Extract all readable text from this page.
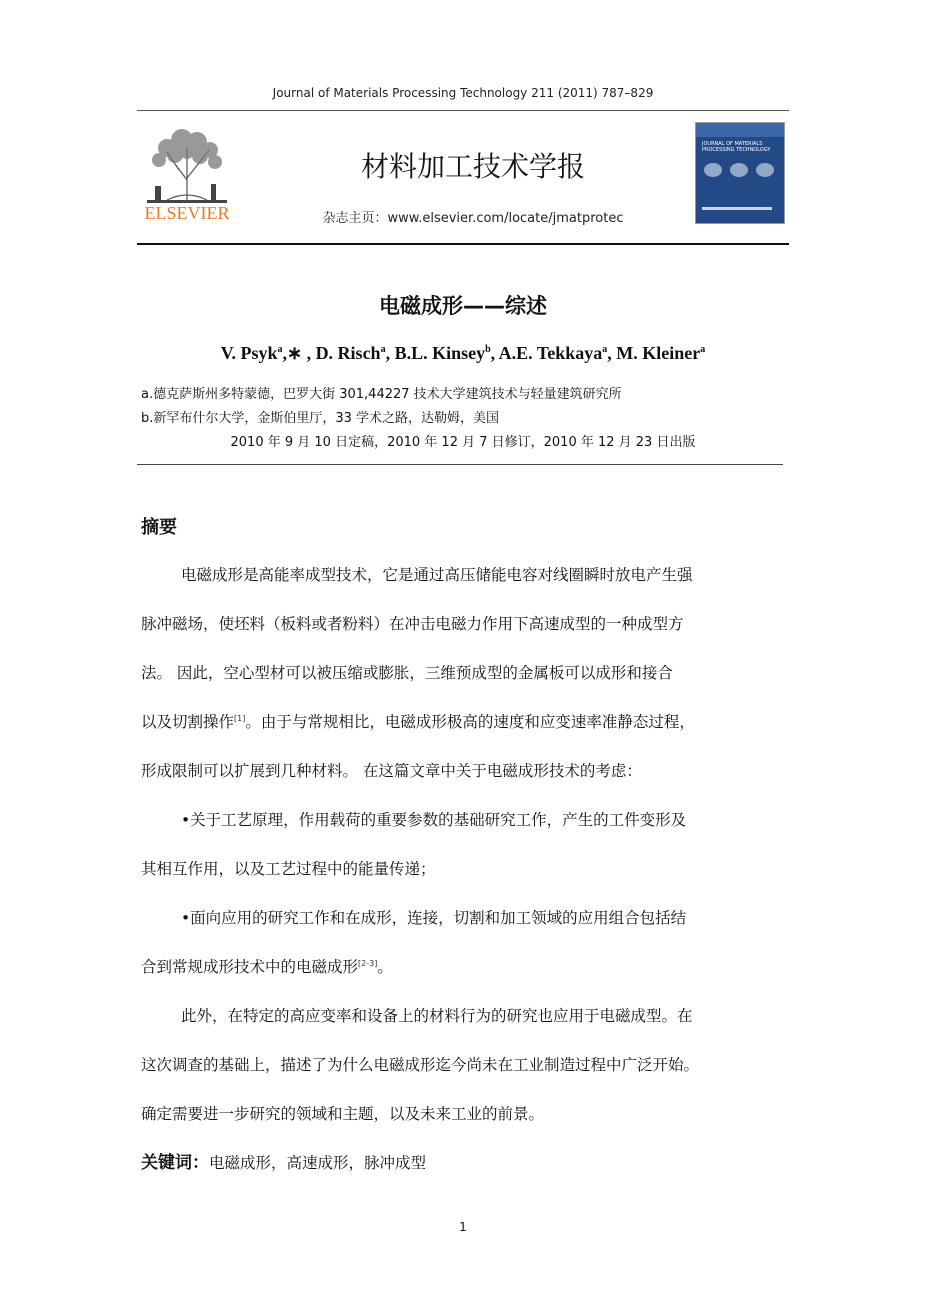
Journal of Materials Processing Technology 211 (2011) 787–829
ELSEVIER
材料加工技术学报
杂志主页：www.elsevier.com/locate/jmatprotec
JOURNAL OF MATERIALS PROCESSING TECHNOLOGY
电磁成形——综述
V. Psyk$^a$,∗ , D. Risch$^a$, B.L. Kinsey$^b$, A.E. Tekkaya$^a$, M. Kleiner$^a$
a.德克萨斯州多特蒙德，巴罗大街 301,44227 技术大学建筑技术与轻量建筑研究所
b.新罕布什尔大学，金斯伯里厅，33 学术之路，达勒姆，美国
2010 年 9 月 10 日定稿，2010 年 12 月 7 日修订，2010 年 12 月 23 日出版
摘要
电磁成形是高能率成型技术，它是通过高压储能电容对线圈瞬时放电产生强
脉冲磁场，使坯料（板料或者粉料）在冲击电磁力作用下高速成型的一种成型方
法。 因此，空心型材可以被压缩或膨胀，三维预成型的金属板可以成形和接合
以及切割操作[1]。由于与常规相比，电磁成形极高的速度和应变速率准静态过程，
形成限制可以扩展到几种材料。 在这篇文章中关于电磁成形技术的考虑：
•关于工艺原理，作用载荷的重要参数的基础研究工作，产生的工件变形及
其相互作用，以及工艺过程中的能量传递；
•面向应用的研究工作和在成形，连接，切割和加工领域的应用组合包括结
合到常规成形技术中的电磁成形[2-3]。
此外，在特定的高应变率和设备上的材料行为的研究也应用于电磁成型。在
这次调查的基础上，描述了为什么电磁成形迄今尚未在工业制造过程中广泛开始。
确定需要进一步研究的领域和主题，以及未来工业的前景。
关键词：电磁成形，高速成形，脉冲成型
1
